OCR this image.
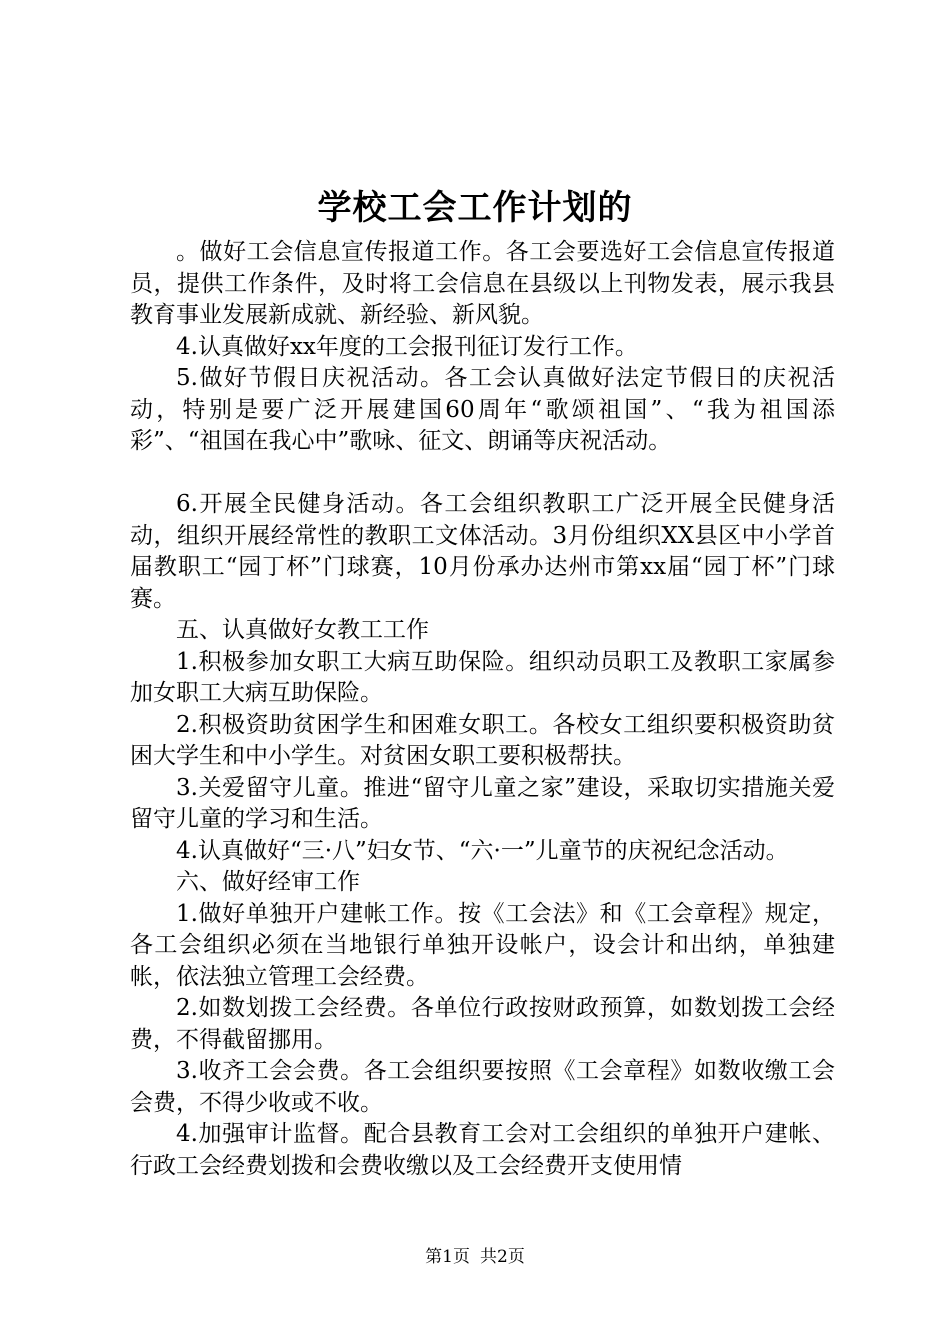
学校工会工作计划的

。做好工会信息宣传报道工作。各工会要选好工会信息宣传报道员，提供工作条件，及时将工会信息在县级以上刊物发表，展示我县教育事业发展新成就、新经验、新风貌。

4.认真做好xx年度的工会报刊征订发行工作。

5.做好节假日庆祝活动。各工会认真做好法定节假日的庆祝活动，特别是要广泛开展建国60周年“歌颂祖国”、“我为祖国添彩”、“祖国在我心中”歌咏、征文、朗诵等庆祝活动。

6.开展全民健身活动。各工会组织教职工广泛开展全民健身活动，组织开展经常性的教职工文体活动。3月份组织XX县区中小学首届教职工“园丁杯”门球赛，10月份承办达州市第xx届“园丁杯”门球赛。

五、认真做好女教工工作

1.积极参加女职工大病互助保险。组织动员职工及教职工家属参加女职工大病互助保险。

2.积极资助贫困学生和困难女职工。各校女工组织要积极资助贫困大学生和中小学生。对贫困女职工要积极帮扶。

3.关爱留守儿童。推进“留守儿童之家”建设，采取切实措施关爱留守儿童的学习和生活。

4.认真做好“三·八”妇女节、“六·一”儿童节的庆祝纪念活动。

六、做好经审工作

1.做好单独开户建帐工作。按《工会法》和《工会章程》规定，各工会组织必须在当地银行单独开设帐户，设会计和出纳，单独建帐，依法独立管理工会经费。

2.如数划拨工会经费。各单位行政按财政预算，如数划拨工会经费，不得截留挪用。

3.收齐工会会费。各工会组织要按照《工会章程》如数收缴工会会费，不得少收或不收。

4.加强审计监督。配合县教育工会对工会组织的单独开户建帐、行政工会经费划拨和会费收缴以及工会经费开支使用情

第1页 共2页
